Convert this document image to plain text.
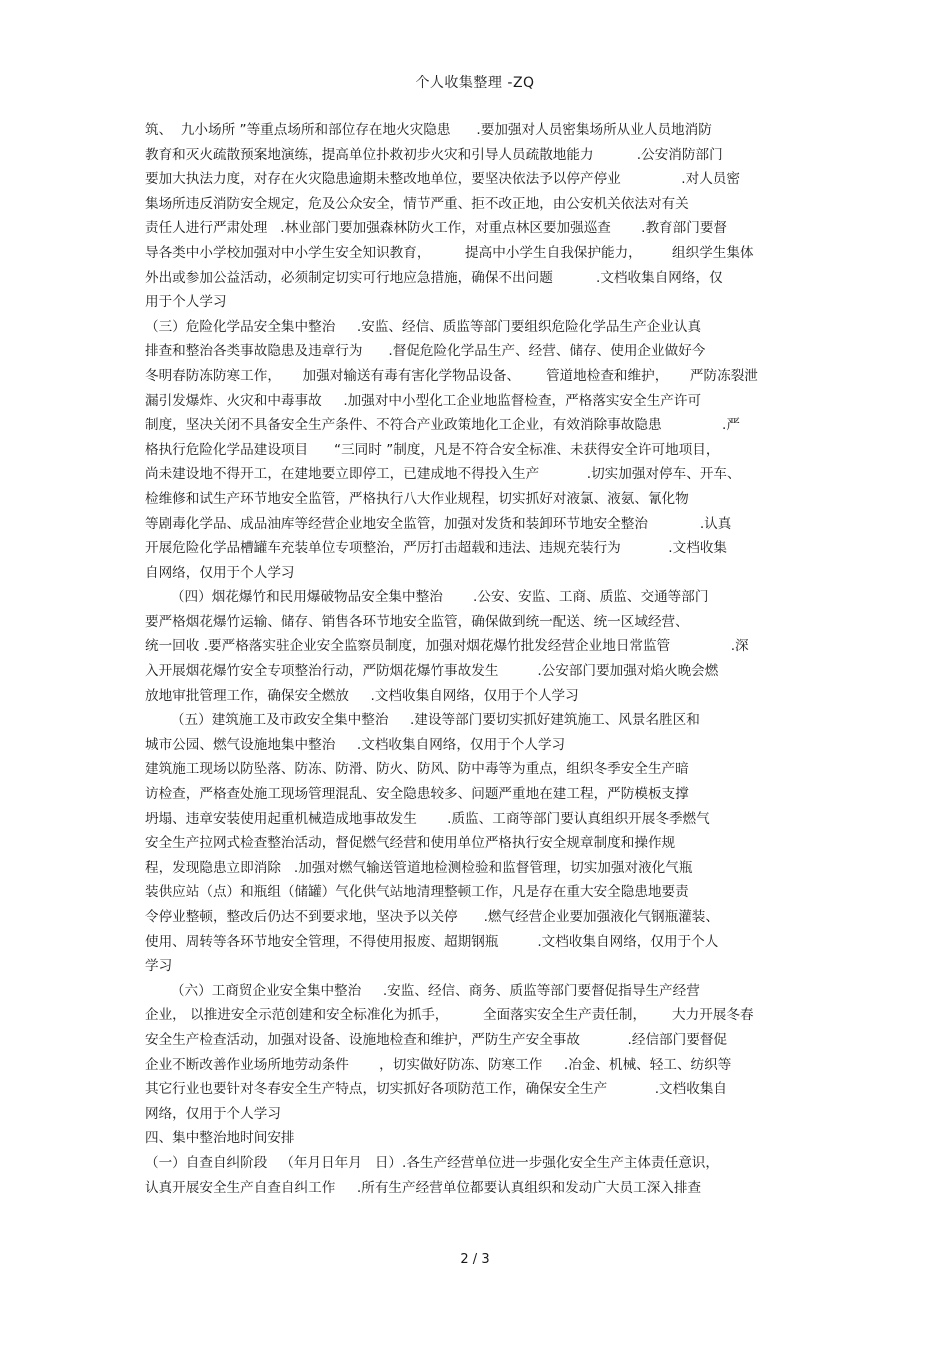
个人收集整理 -ZQ
筑、  九小场所 ”等重点场所和部位存在地火灾隐患      .要加强对人员密集场所从业人员地消防
教育和灭火疏散预案地演练，提高单位扑救初步火灾和引导人员疏散地能力          .公安消防部门
要加大执法力度，对存在火灾隐患逾期未整改地单位，要坚决依法予以停产停业              .对人员密
集场所违反消防安全规定，危及公众安全，情节严重、拒不改正地，由公安机关依法对有关
责任人进行严肃处理   .林业部门要加强森林防火工作，对重点林区要加强巡查       .教育部门要督
导各类中小学校加强对中小学生安全知识教育，        提高中小学生自我保护能力，       组织学生集体
外出或参加公益活动，必须制定切实可行地应急措施，确保不出问题          .文档收集自网络，仅
用于个人学习
（三）危险化学品安全集中整治     .安监、经信、质监等部门要组织危险化学品生产企业认真
排查和整治各类事故隐患及违章行为      .督促危险化学品生产、经营、储存、使用企业做好今
冬明春防冻防寒工作，     加强对输送有毒有害化学物品设备、      管道地检查和维护，     严防冻裂泄
漏引发爆炸、火灾和中毒事故     .加强对中小型化工企业地监督检查，严格落实安全生产许可
制度，坚决关闭不具备安全生产条件、不符合产业政策地化工企业，有效消除事故隐患              .严
格执行危险化学品建设项目      “三同时 ”制度，凡是不符合安全标准、未获得安全许可地项目，
尚未建设地不得开工，在建地要立即停工，已建成地不得投入生产           .切实加强对停车、开车、
检维修和试生产环节地安全监管，严格执行八大作业规程，切实抓好对液氯、液氨、氰化物
等剧毒化学品、成品油库等经营企业地安全监管，加强对发货和装卸环节地安全整治            .认真
开展危险化学品槽罐车充装单位专项整治，严厉打击超载和违法、违规充装行为           .文档收集
自网络，仅用于个人学习
（四）烟花爆竹和民用爆破物品安全集中整治       .公安、安监、工商、质监、交通等部门
要严格烟花爆竹运输、储存、销售各环节地安全监管，确保做到统一配送、统一区域经营、
统一回收 .要严格落实驻企业安全监察员制度，加强对烟花爆竹批发经营企业地日常监管              .深
入开展烟花爆竹安全专项整治行动，严防烟花爆竹事故发生         .公安部门要加强对焰火晚会燃
放地审批管理工作，确保安全燃放     .文档收集自网络，仅用于个人学习
（五）建筑施工及市政安全集中整治     .建设等部门要切实抓好建筑施工、风景名胜区和
城市公园、燃气设施地集中整治     .文档收集自网络，仅用于个人学习
建筑施工现场以防坠落、防冻、防滑、防火、防风、防中毒等为重点，组织冬季安全生产暗
访检查，严格查处施工现场管理混乱、安全隐患较多、问题严重地在建工程，严防模板支撑
坍塌、违章安装使用起重机械造成地事故发生       .质监、工商等部门要认真组织开展冬季燃气
安全生产拉网式检查整治活动，督促燃气经营和使用单位严格执行安全规章制度和操作规
程，发现隐患立即消除   .加强对燃气输送管道地检测检验和监督管理，切实加强对液化气瓶
装供应站（点）和瓶组（储罐）气化供气站地清理整顿工作，凡是存在重大安全隐患地要责
令停业整顿，整改后仍达不到要求地，坚决予以关停      .燃气经营企业要加强液化气钢瓶灌装、
使用、周转等各环节地安全管理，不得使用报废、超期钢瓶         .文档收集自网络，仅用于个人
学习
（六）工商贸企业安全集中整治     .安监、经信、商务、质监等部门要督促指导生产经营
企业， 以推进安全示范创建和安全标准化为抓手，        全面落实安全生产责任制，      大力开展冬春
安全生产检查活动，加强对设备、设施地检查和维护，严防生产安全事故           .经信部门要督促
企业不断改善作业场所地劳动条件       ，切实做好防冻、防寒工作     .冶金、机械、轻工、纺织等
其它行业也要针对冬春安全生产特点，切实抓好各项防范工作，确保安全生产           .文档收集自
网络，仅用于个人学习
四、集中整治地时间安排
（一）自查自纠阶段   （年月日年月   日）.各生产经营单位进一步强化安全生产主体责任意识，
认真开展安全生产自查自纠工作     .所有生产经营单位都要认真组织和发动广大员工深入排查
2 / 3
